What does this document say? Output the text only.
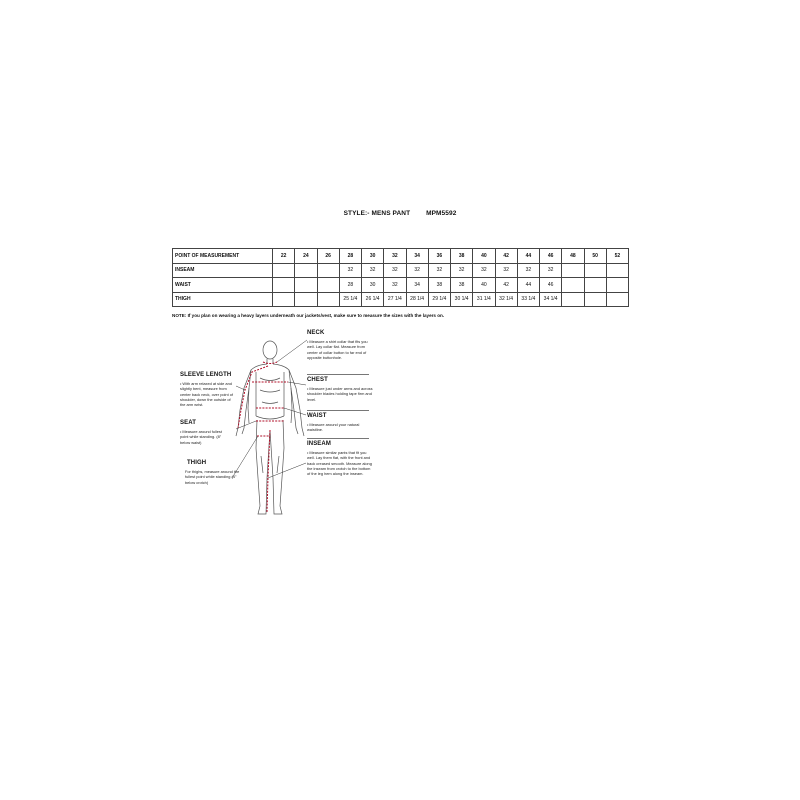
STYLE:- MENS PANT MPM5592
POINT OF MEASUREMENT	22	24	26	28	30	32	34	36	38	40	42	44	46	48	50	52
INSEAM				32	32	32	32	32	32	32	32	32	32			
WAIST				28	30	32	34	38	38	40	42	44	46			
THIGH				25 1/4	26 1/4	27 1/4	28 1/4	29 1/4	30 1/4	31 1/4	32 1/4	33 1/4	34 1/4			
NOTE: If you plan on wearing a heavy layers underneath our jackets/vest, make sure to measure the sizes with the layers on.
SLEEVE LENGTH
• With arm relaxed at side and slightly bent, measure from center back neck, over point of shoulder, down the outside of the arm wrist.
SEAT
• Measure around fullest point while standing. (8" below waist)
THIGH
For thighs, measure around the fullest point while standing (4" below crotch)
NECK
• Measure a shirt collar that fits you well. Lay collar flat. Measure from center of collar button to far end of opposite buttonhole.
CHEST
• Measure just under arms and across shoulder blades holding tape firm and level.
WAIST
• Measure around your natural waistline.
INSEAM
• Measure similar pants that fit you well. Lay them flat, with the front and back creased smooth. Measure along the inseam from crotch to the bottom of the leg hem along the inseam.
